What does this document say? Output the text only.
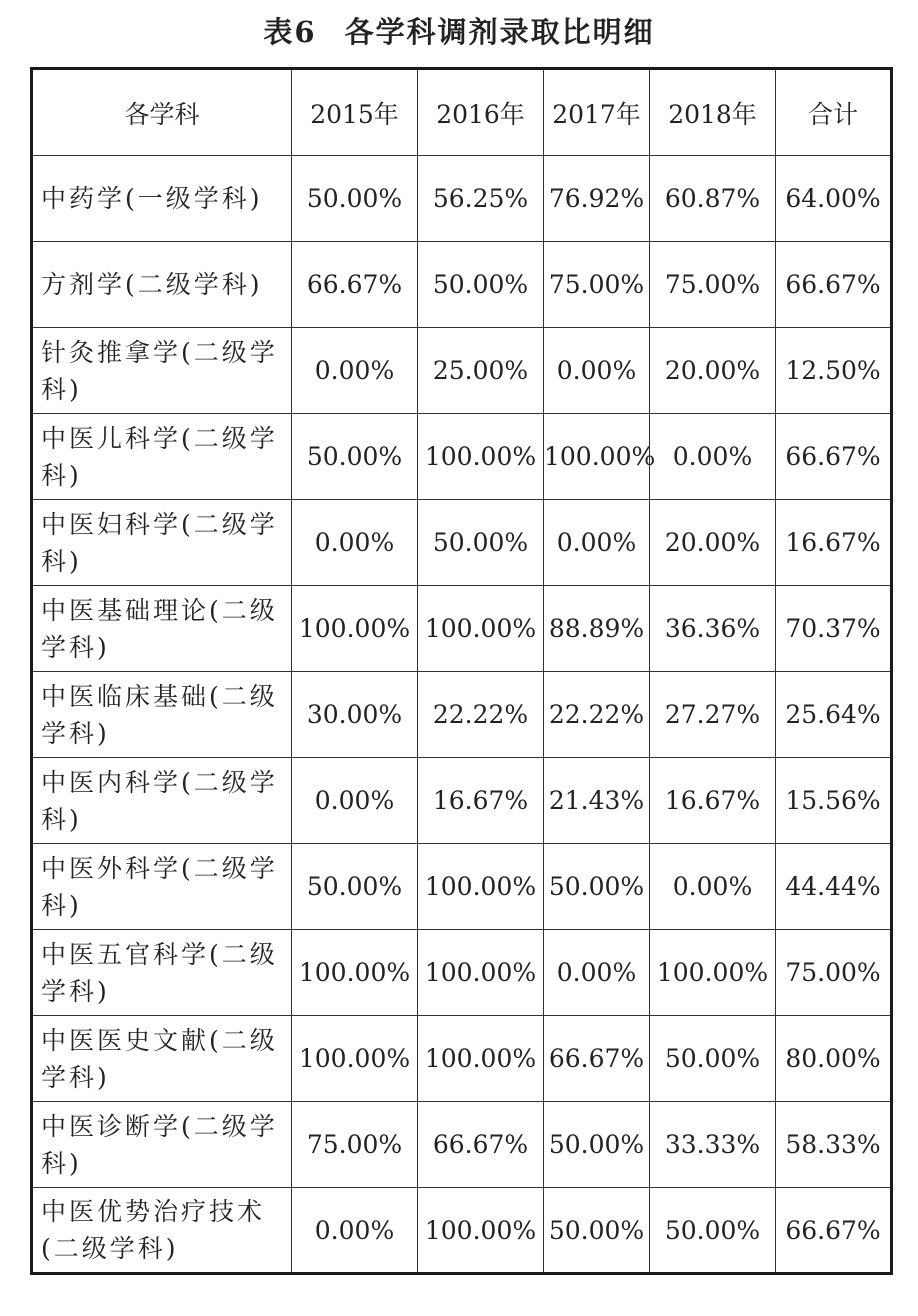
表6 各学科调剂录取比明细
各学科	2015年	2016年	2017年	2018年	合计
中药学(一级学科)	50.00%	56.25%	76.92%	60.87%	64.00%
方剂学(二级学科)	66.67%	50.00%	75.00%	75.00%	66.67%
针灸推拿学(二级学科)	0.00%	25.00%	0.00%	20.00%	12.50%
中医儿科学(二级学科)	50.00%	100.00%	100.00%	0.00%	66.67%
中医妇科学(二级学科)	0.00%	50.00%	0.00%	20.00%	16.67%
中医基础理论(二级学科)	100.00%	100.00%	88.89%	36.36%	70.37%
中医临床基础(二级学科)	30.00%	22.22%	22.22%	27.27%	25.64%
中医内科学(二级学科)	0.00%	16.67%	21.43%	16.67%	15.56%
中医外科学(二级学科)	50.00%	100.00%	50.00%	0.00%	44.44%
中医五官科学(二级学科)	100.00%	100.00%	0.00%	100.00%	75.00%
中医医史文献(二级学科)	100.00%	100.00%	66.67%	50.00%	80.00%
中医诊断学(二级学科)	75.00%	66.67%	50.00%	33.33%	58.33%
中医优势治疗技术(二级学科)	0.00%	100.00%	50.00%	50.00%	66.67%
